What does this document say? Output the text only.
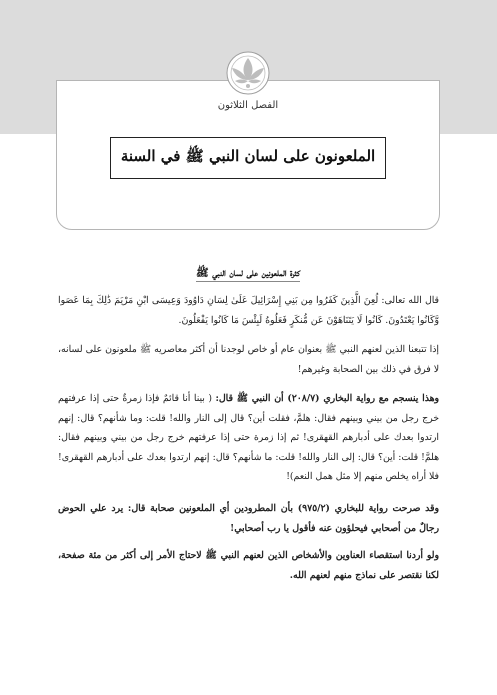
الفصل الثلاثون
الملعونون على لسان النبي ﷺ في السنة
كثرة الملعونين على لسان النبي ﷺ
قال الله تعالى: لُعِنَ الَّذِينَ كَفَرُوا مِن بَنِي إِسْرَائِيلَ عَلَىٰ لِسَانِ دَاوُودَ وَعِيسَى ابْنِ مَرْيَمَ ذَٰلِكَ بِمَا عَصَوا وَّكَانُوا يَعْتَدُونَ. كَانُوا لَا يَتَنَاهَوْنَ عَن مُّنكَرٍ فَعَلُوهُ لَبِئْسَ مَا كَانُوا يَفْعَلُونَ.
إذا تتبعنا الذين لعنهم النبي ﷺ بعنوان عام أو خاص لوجدنا أن أكثر معاصريه ﷺ ملعونون على لسانه، لا فرق في ذلك بين الصحابة وغيرهم!
وهذا ينسجم مع رواية البخاري (٢٠٨/٧) أن النبي ﷺ قال: ( بينا أنا قائمٌ فإذا زمرةٌ حتى إذا عرفتهم خرج رجل من بيني وبينهم فقال: هلمَّ، فقلت أين؟ قال إلى النار والله! قلت: وما شأنهم؟ قال: إنهم ارتدوا بعدك على أدبارهم القهقرى! ثم إذا زمرة حتى إذا عرفتهم خرج رجل من بيني وبينهم فقال: هلمَّ! قلت: أين؟ قال: إلى النار والله! قلت: ما شأنهم؟ قال: إنهم ارتدوا بعدك على أدبارهم القهقرى! فلا أراه يخلص منهم إلا مثل همل النعم)!
وقد صرحت رواية للبخاري (٩٧٥/٢) بأن المطرودين أي الملعونين صحابة قال: يرد علي الحوض رجالٌ من أصحابي فيحلؤون عنه فأقول يا رب أصحابي!
ولو أردنا استقصاء العناوين والأشخاص الذين لعنهم النبي ﷺ لاحتاج الأمر إلى أكثر من مئة صفحة، لكنا نقتصر على نماذج منهم لعنهم الله.
